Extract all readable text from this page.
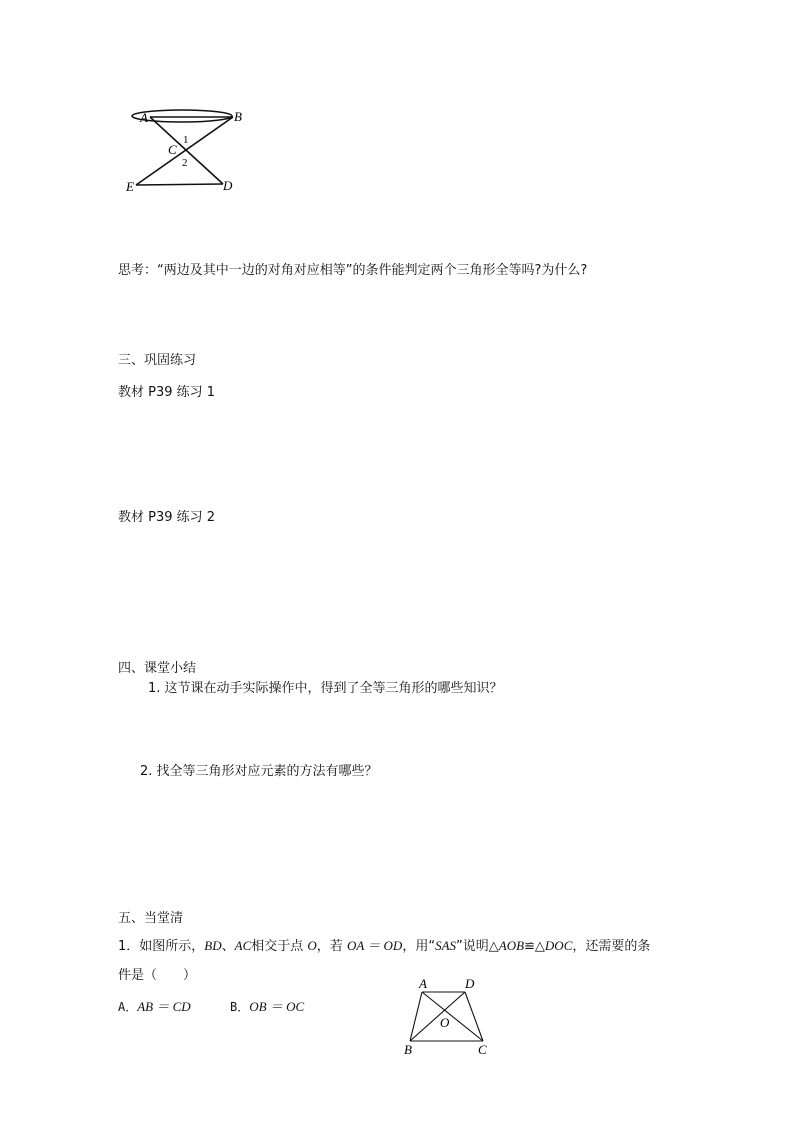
A	B
C
1
2
E	D
思考：“两边及其中一边的对角对应相等”的条件能判定两个三角形全等吗?为什么?
三、巩固练习
教材 P39 练习 1
教材 P39 练习 2
四、课堂小结
1. 这节课在动手实际操作中，得到了全等三角形的哪些知识？
2. 找全等三角形对应元素的方法有哪些？
五、当堂清
1．如图所示，BD、AC相交于点 O，若 OA ＝ OD，用“SAS”说明△AOB≌△DOC，还需要的条
件是（　　）
A．AB ＝ CD	B．OB ＝ OC
A	D
O
B	C
